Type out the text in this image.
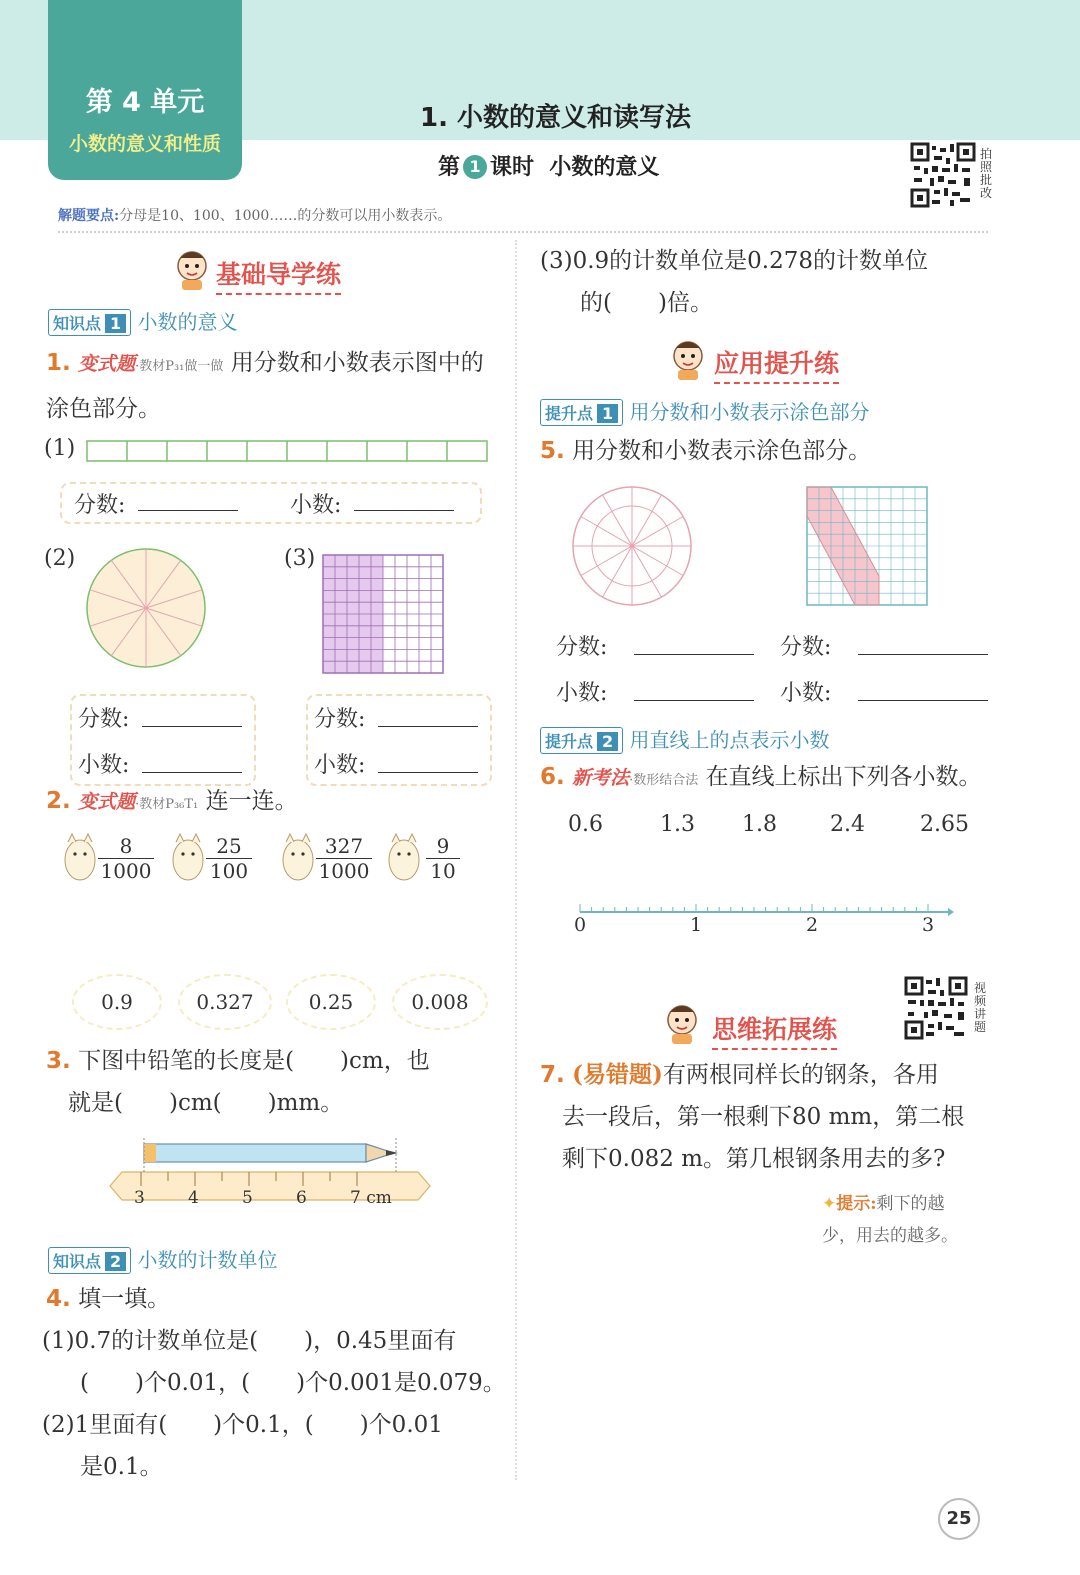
第 4 单元
小数的意义和性质
1. 小数的意义和读写法
第 1 课时 小数的意义
拍照批改
解题要点:分母是10、100、1000……的分数可以用小数表示。
基础导学练
知识点 1 小数的意义
1. 变式题·教材P₃₁做一做 用分数和小数表示图中的涂色部分。
(1)
分数:	小数:
(2)	(3)
分数:
小数:
分数:
小数:
2. 变式题·教材P₃₆T₁ 连一连。
$\frac{8}{1000}$	$\frac{25}{100}$	$\frac{327}{1000}$	$\frac{9}{10}$
0.9	0.327	0.25	0.008
3. 下图中铅笔的长度是(　　)cm，也
就是(　　)cm(　　)mm。
3	4	5	6	7 cm
知识点 2 小数的计数单位
4. 填一填。
(1)0.7的计数单位是(　　)，0.45里面有
(　　)个0.01，(　　)个0.001是0.079。
(2)1里面有(　　)个0.1，(　　)个0.01
是0.1。
(3)0.9的计数单位是0.278的计数单位
的(　　)倍。
应用提升练
提升点 1 用分数和小数表示涂色部分
5. 用分数和小数表示涂色部分。
分数:	分数:
小数:	小数:
提升点 2 用直线上的点表示小数
6. 新考法·数形结合法 在直线上标出下列各小数。
0.6	1.3 1.8 2.4	2.65
0	1	2	3
思维拓展练
视频讲题
7. (易错题)有两根同样长的钢条，各用
去一段后，第一根剩下80 mm，第二根
剩下0.082 m。第几根钢条用去的多?
✦提示:剩下的越
少，用去的越多。
25
